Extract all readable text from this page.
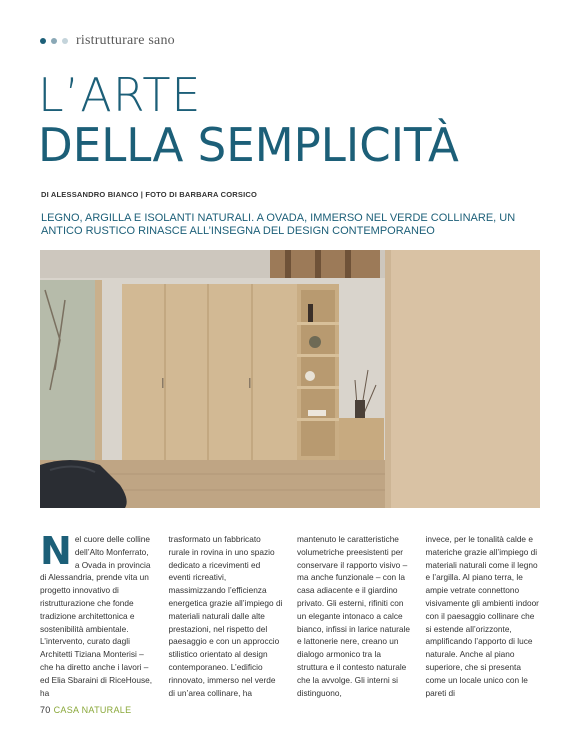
ristrutturare sano
L’ARTE
DELLA SEMPLICITÀ
DI ALESSANDRO BIANCO | FOTO DI BARBARA CORSICO

LEGNO, ARGILLA E ISOLANTI NATURALI. A OVADA, IMMERSO NEL VERDE COLLINARE, UN ANTICO RUSTICO RINASCE ALL’INSEGNA DEL DESIGN CONTEMPORANEO

Nel cuore delle colline dell’Alto Monferrato, a Ovada in provincia di Alessandria, prende vita un progetto innovativo di ristrutturazione che fonde tradizione architettonica e sostenibilità ambientale. L’intervento, curato dagli Architetti Tiziana Monterisi – che ha diretto anche i lavori – ed Elia Sbaraini di RiceHouse, ha
trasformato un fabbricato rurale in rovina in uno spazio dedicato a ricevimenti ed eventi ricreativi, massimizzando l’efficienza energetica grazie all’impiego di materiali naturali dalle alte prestazioni, nel rispetto del paesaggio e con un approccio stilistico orientato al design contemporaneo. L’edificio rinnovato, immerso nel verde di un’area collinare, ha
mantenuto le caratteristiche volumetriche preesistenti per conservare il rapporto visivo – ma anche funzionale – con la casa adiacente e il giardino privato. Gli esterni, rifiniti con un elegante intonaco a calce bianco, infissi in larice naturale e lattonerie nere, creano un dialogo armonico tra la struttura e il contesto naturale che la avvolge. Gli interni si distinguono,
invece, per le tonalità calde e materiche grazie all’impiego di materiali naturali come il legno e l’argilla. Al piano terra, le ampie vetrate connettono visivamente gli ambienti indoor con il paesaggio collinare che si estende all’orizzonte, amplificando l’apporto di luce naturale. Anche al piano superiore, che si presenta come un locale unico con le pareti di
70 CASA NATURALE
